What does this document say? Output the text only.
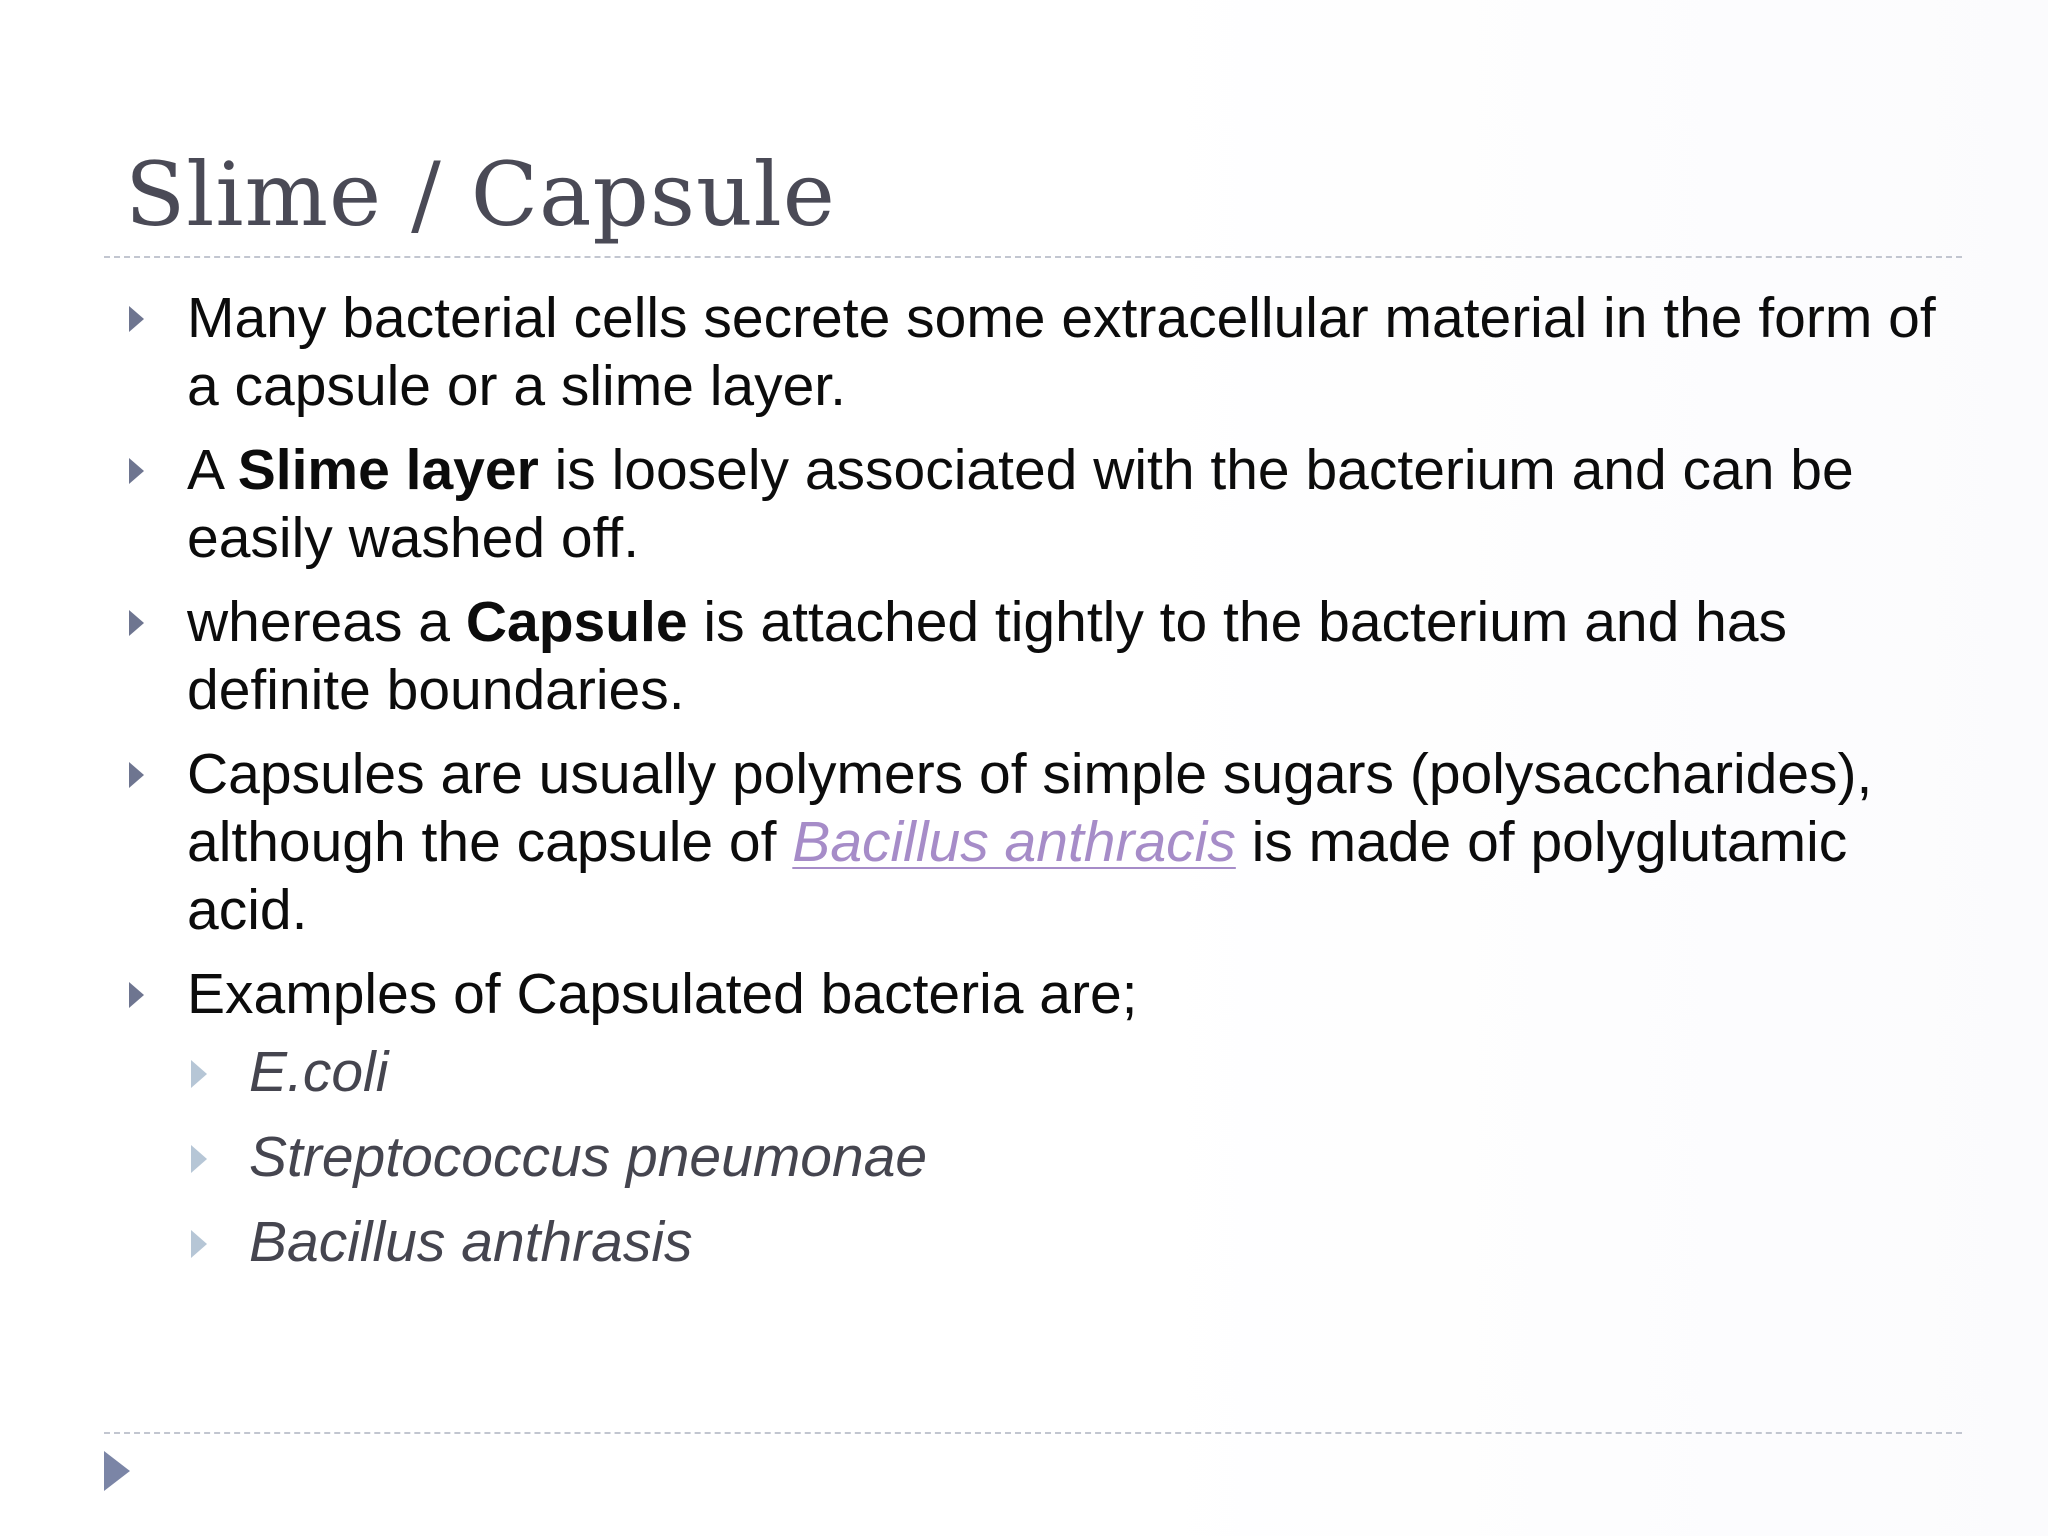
Slime / Capsule
Many bacterial cells secrete some extracellular material in the form of a capsule or a slime layer.
A Slime layer is loosely associated with the bacterium and can be easily washed off.
whereas a Capsule is attached tightly to the bacterium and has definite boundaries.
Capsules are usually polymers of simple sugars (polysaccharides), although the capsule of Bacillus anthracis is made of polyglutamic acid.
Examples of Capsulated bacteria are;
E.coli
Streptococcus pneumonae
Bacillus anthrasis
